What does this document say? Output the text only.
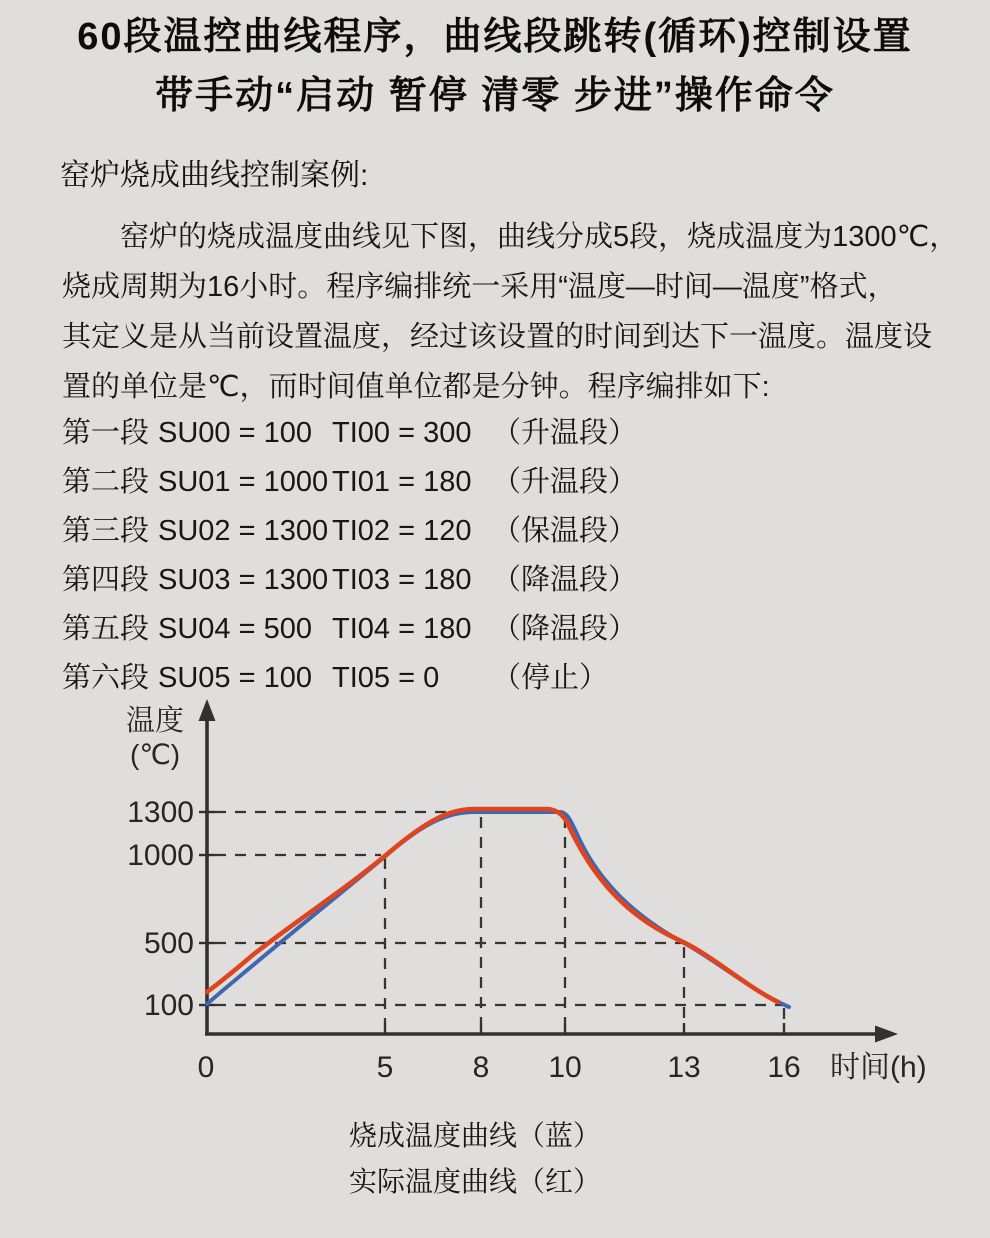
60段温控曲线程序，曲线段跳转(循环)控制设置
带手动“启动 暂停 清零 步进”操作命令
窑炉烧成曲线控制案例:
窑炉的烧成温度曲线见下图，曲线分成5段，烧成温度为1300℃，
烧成周期为16小时。程序编排统一采用“温度—时间—温度”格式，
其定义是从当前设置温度，经过该设置的时间到达下一温度。温度设
置的单位是℃，而时间值单位都是分钟。程序编排如下:
第一段 SU00 = 100 TI00 = 300 （升温段）
第二段 SU01 = 1000 TI01 = 180 （升温段）
第三段 SU02 = 1300 TI02 = 120 （保温段）
第四段 SU03 = 1300 TI03 = 180 （降温段）
第五段 SU04 = 500 TI04 = 180 （降温段）
第六段 SU05 = 100 TI05 = 0	（停止）
温度
(℃)
1300
1000
500
100
0	5	8 10	13 16 时间(h)
烧成温度曲线（蓝）
实际温度曲线（红）
